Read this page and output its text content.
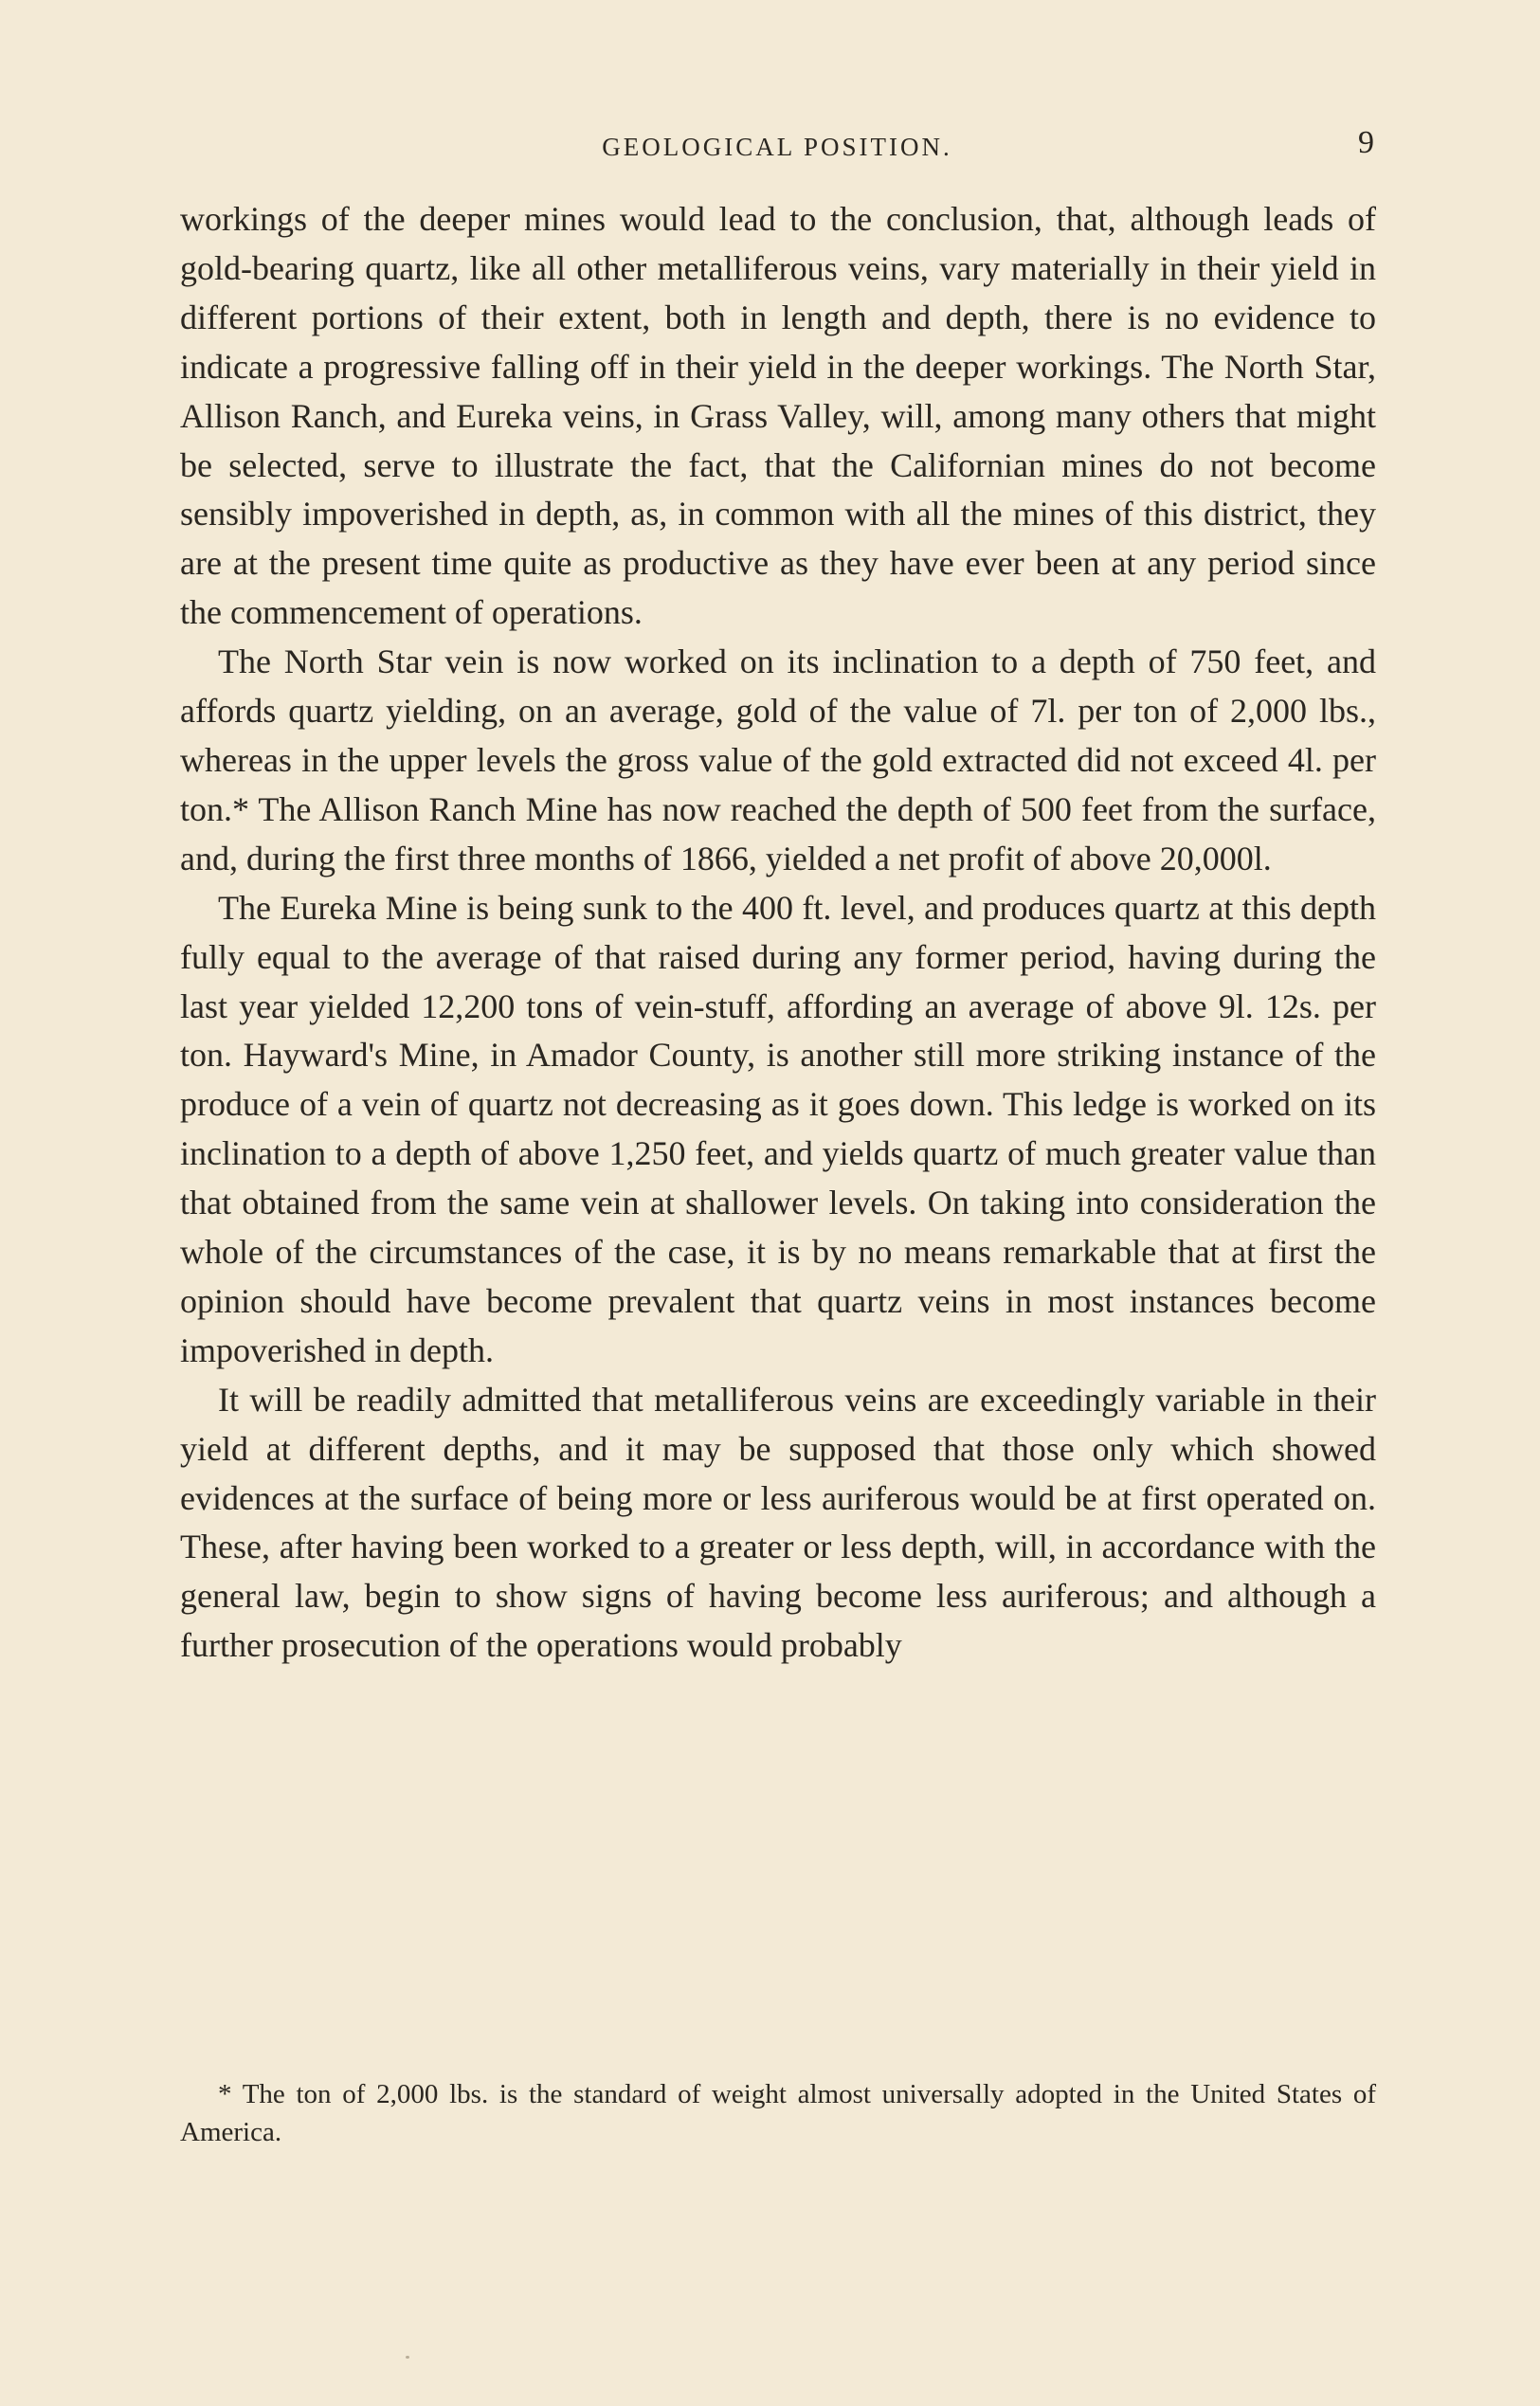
GEOLOGICAL POSITION.	9

workings of the deeper mines would lead to the conclusion, that, although leads of gold-bearing quartz, like all other metalliferous veins, vary materially in their yield in different portions of their extent, both in length and depth, there is no evidence to indicate a progressive falling off in their yield in the deeper workings. The North Star, Allison Ranch, and Eureka veins, in Grass Valley, will, among many others that might be selected, serve to illustrate the fact, that the Californian mines do not become sensibly impoverished in depth, as, in common with all the mines of this district, they are at the present time quite as productive as they have ever been at any period since the commencement of operations.

The North Star vein is now worked on its inclination to a depth of 750 feet, and affords quartz yielding, on an average, gold of the value of 7l. per ton of 2,000 lbs., whereas in the upper levels the gross value of the gold extracted did not exceed 4l. per ton.* The Allison Ranch Mine has now reached the depth of 500 feet from the surface, and, during the first three months of 1866, yielded a net profit of above 20,000l.

The Eureka Mine is being sunk to the 400 ft. level, and produces quartz at this depth fully equal to the average of that raised during any former period, having during the last year yielded 12,200 tons of vein-stuff, affording an average of above 9l. 12s. per ton. Hayward's Mine, in Amador County, is another still more striking instance of the produce of a vein of quartz not decreasing as it goes down. This ledge is worked on its inclination to a depth of above 1,250 feet, and yields quartz of much greater value than that obtained from the same vein at shallower levels. On taking into consideration the whole of the circumstances of the case, it is by no means remarkable that at first the opinion should have become prevalent that quartz veins in most instances become impoverished in depth.

It will be readily admitted that metalliferous veins are exceedingly variable in their yield at different depths, and it may be supposed that those only which showed evidences at the surface of being more or less auriferous would be at first operated on. These, after having been worked to a greater or less depth, will, in accordance with the general law, begin to show signs of having become less auriferous; and although a further prosecution of the operations would probably

* The ton of 2,000 lbs. is the standard of weight almost universally adopted in the United States of America.
